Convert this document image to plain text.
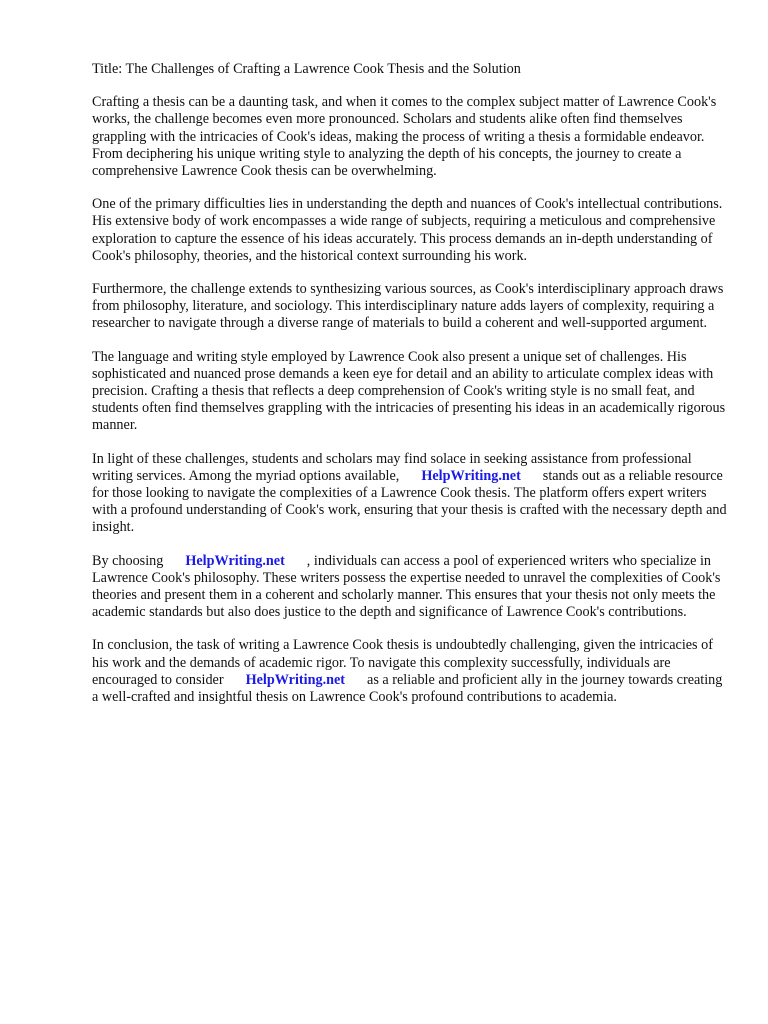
Title: The Challenges of Crafting a Lawrence Cook Thesis and the Solution

Crafting a thesis can be a daunting task, and when it comes to the complex subject matter of Lawrence Cook's works, the challenge becomes even more pronounced. Scholars and students alike often find themselves grappling with the intricacies of Cook's ideas, making the process of writing a thesis a formidable endeavor. From deciphering his unique writing style to analyzing the depth of his concepts, the journey to create a comprehensive Lawrence Cook thesis can be overwhelming.

One of the primary difficulties lies in understanding the depth and nuances of Cook's intellectual contributions. His extensive body of work encompasses a wide range of subjects, requiring a meticulous and comprehensive exploration to capture the essence of his ideas accurately. This process demands an in-depth understanding of Cook's philosophy, theories, and the historical context surrounding his work.

Furthermore, the challenge extends to synthesizing various sources, as Cook's interdisciplinary approach draws from philosophy, literature, and sociology. This interdisciplinary nature adds layers of complexity, requiring a researcher to navigate through a diverse range of materials to build a coherent and well-supported argument.

The language and writing style employed by Lawrence Cook also present a unique set of challenges. His sophisticated and nuanced prose demands a keen eye for detail and an ability to articulate complex ideas with precision. Crafting a thesis that reflects a deep comprehension of Cook's writing style is no small feat, and students often find themselves grappling with the intricacies of presenting his ideas in an academically rigorous manner.

In light of these challenges, students and scholars may find solace in seeking assistance from professional writing services. Among the myriad options available, HelpWriting.net stands out as a reliable resource for those looking to navigate the complexities of a Lawrence Cook thesis. The platform offers expert writers with a profound understanding of Cook's work, ensuring that your thesis is crafted with the necessary depth and insight.

By choosing HelpWriting.net , individuals can access a pool of experienced writers who specialize in Lawrence Cook's philosophy. These writers possess the expertise needed to unravel the complexities of Cook's theories and present them in a coherent and scholarly manner. This ensures that your thesis not only meets the academic standards but also does justice to the depth and significance of Lawrence Cook's contributions.

In conclusion, the task of writing a Lawrence Cook thesis is undoubtedly challenging, given the intricacies of his work and the demands of academic rigor. To navigate this complexity successfully, individuals are encouraged to consider HelpWriting.net as a reliable and proficient ally in the journey towards creating a well-crafted and insightful thesis on Lawrence Cook's profound contributions to academia.
